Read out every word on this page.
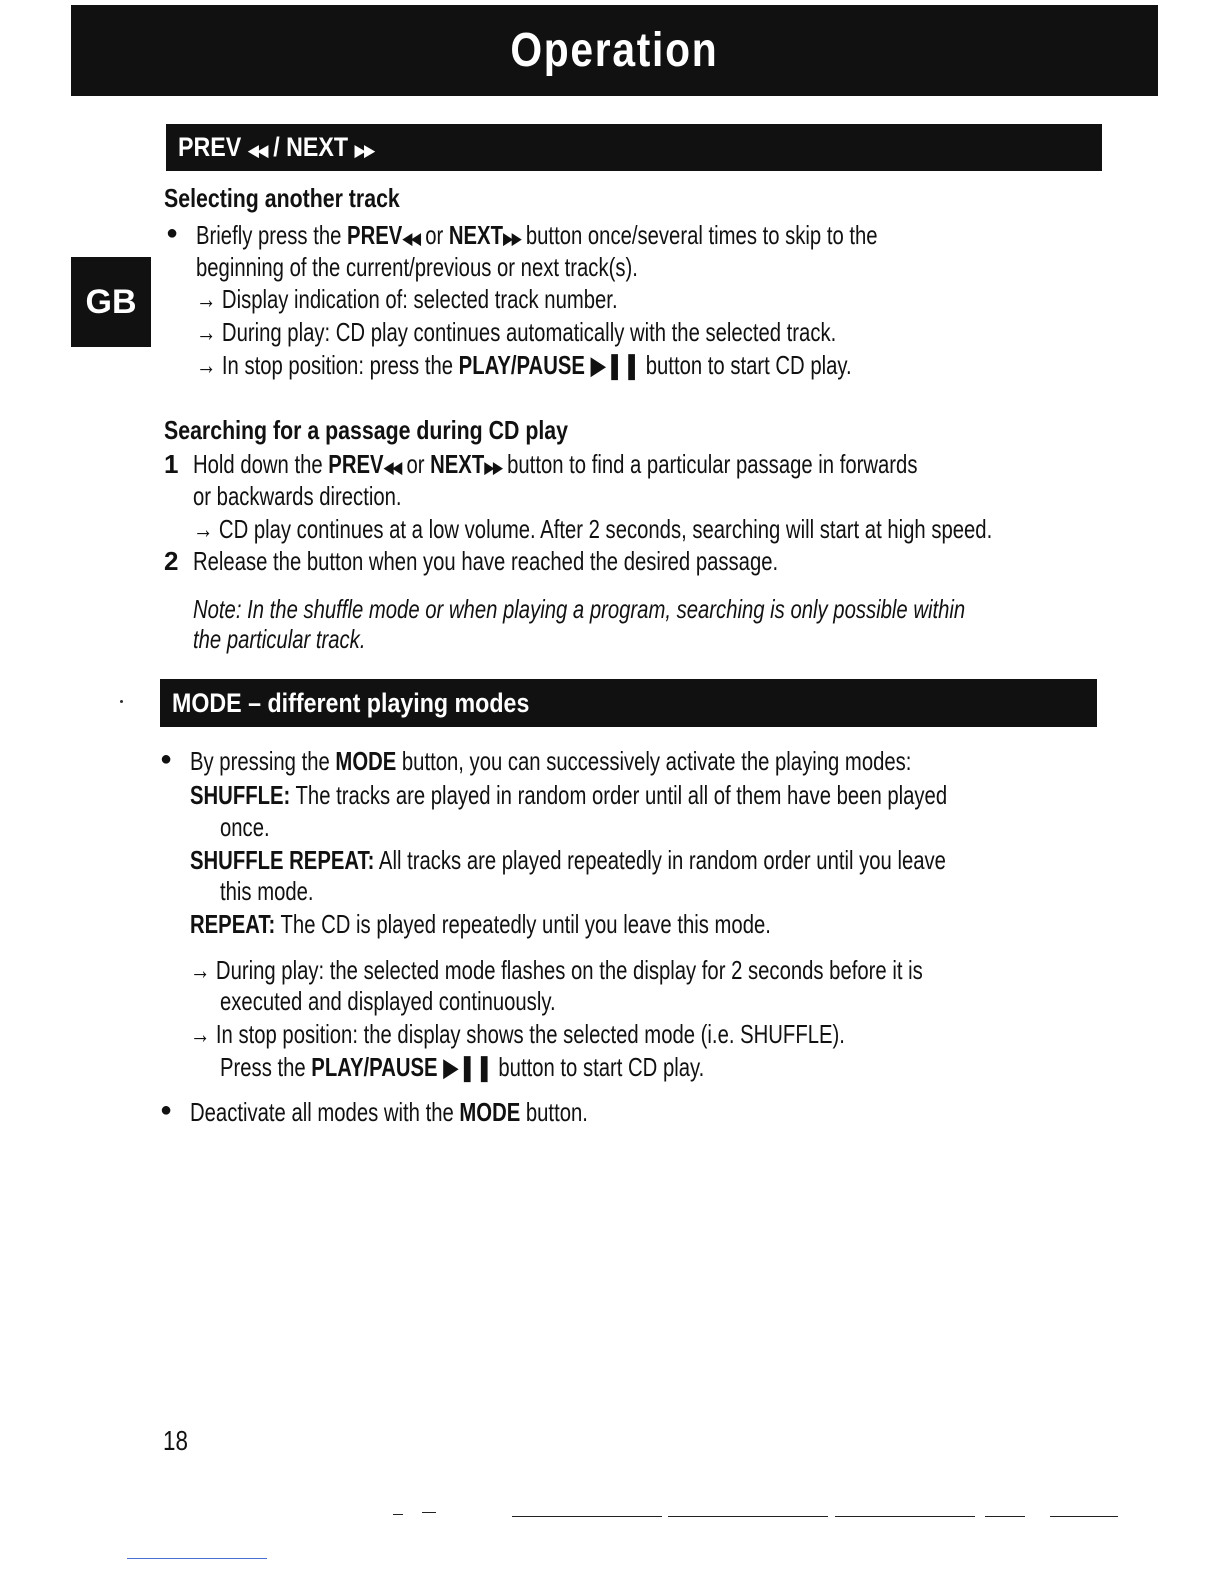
Operation
GB
PREV ◀◀ / NEXT ▶▶
Selecting another track
● Briefly press the PREV◀◀ or NEXT▶▶ button once/several times to skip to the
beginning of the current/previous or next track(s).
→ Display indication of: selected track number.
→ During play: CD play continues automatically with the selected track.
→ In stop position: press the PLAY/PAUSE ▶❚❚ button to start CD play.
Searching for a passage during CD play
1 Hold down the PREV◀◀ or NEXT▶▶ button to find a particular passage in forwards
or backwards direction.
→ CD play continues at a low volume. After 2 seconds, searching will start at high speed.
2 Release the button when you have reached the desired passage.
Note: In the shuffle mode or when playing a program, searching is only possible within
the particular track.
MODE – different playing modes
● By pressing the MODE button, you can successively activate the playing modes:
SHUFFLE: The tracks are played in random order until all of them have been played
once.
SHUFFLE REPEAT: All tracks are played repeatedly in random order until you leave
this mode.
REPEAT: The CD is played repeatedly until you leave this mode.
→ During play: the selected mode flashes on the display for 2 seconds before it is
executed and displayed continuously.
→ In stop position: the display shows the selected mode (i.e. SHUFFLE).
Press the PLAY/PAUSE ▶❚❚ button to start CD play.
● Deactivate all modes with the MODE button.
18
